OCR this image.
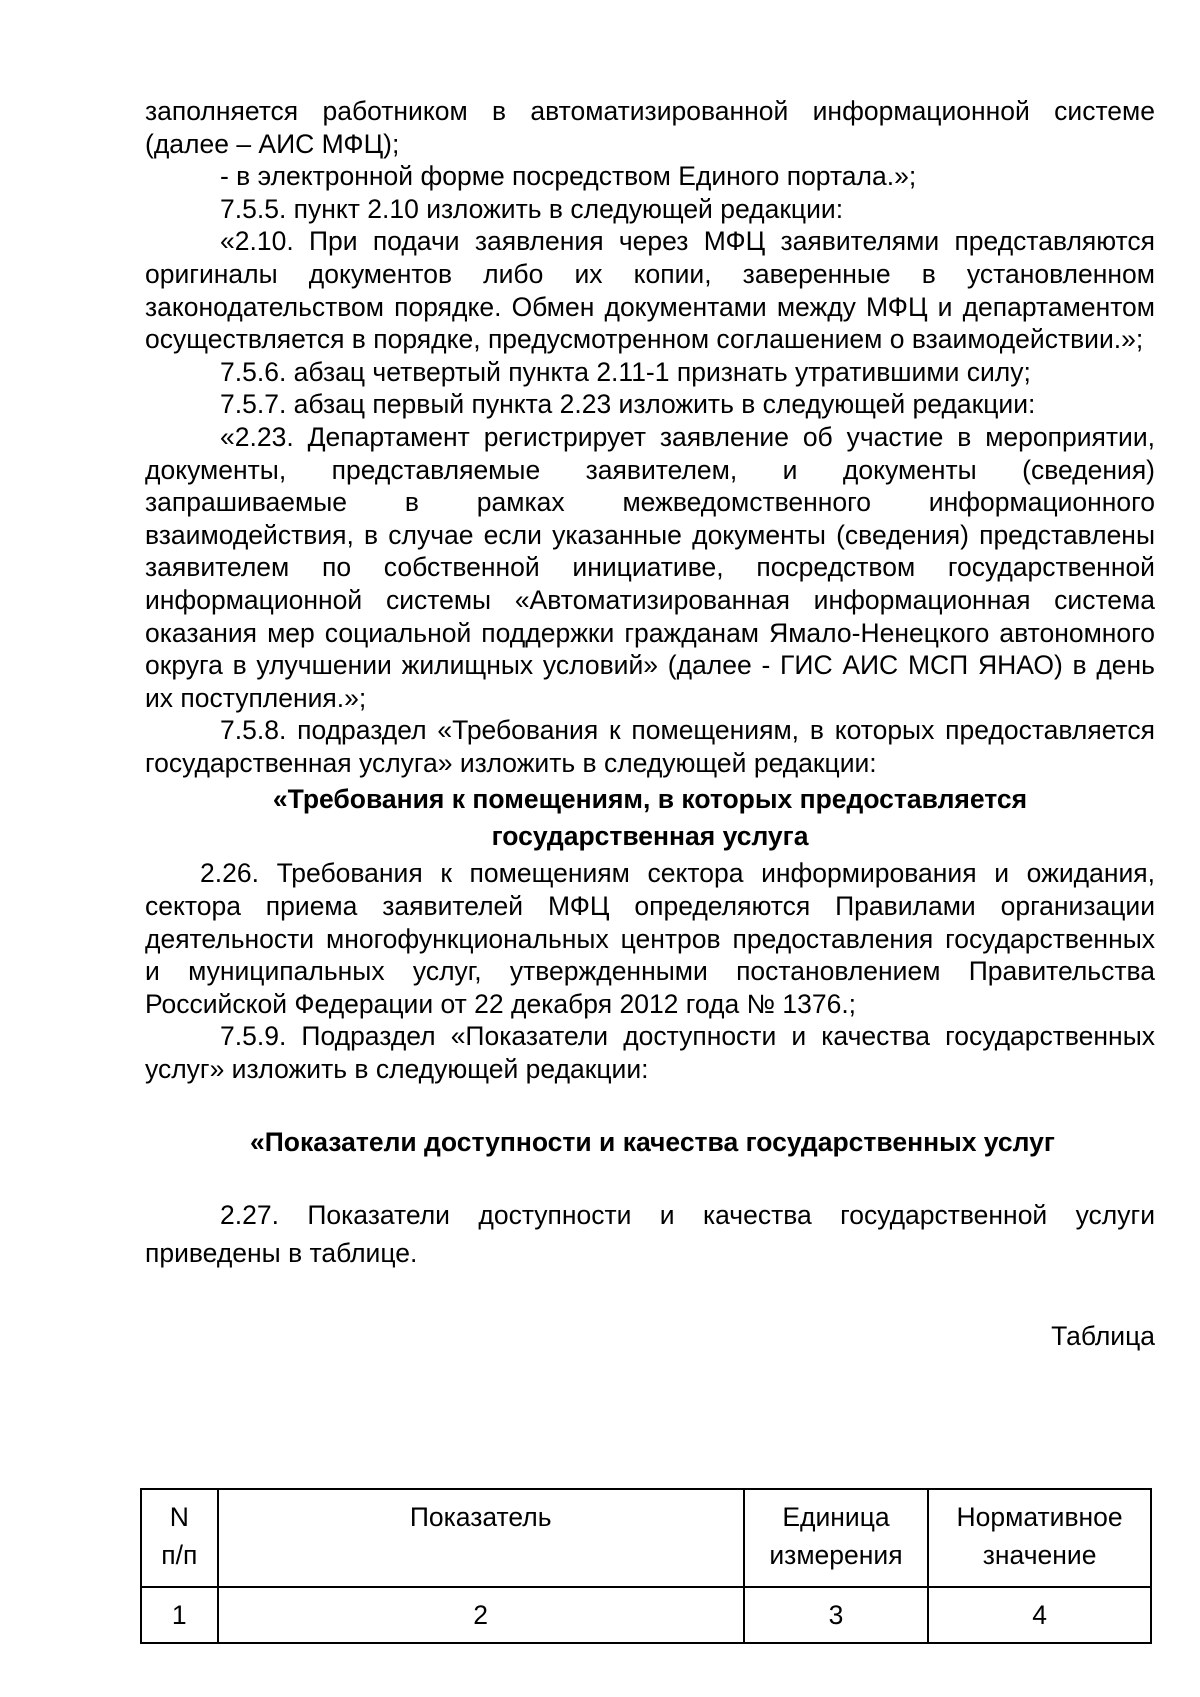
заполняется работником в автоматизированной информационной системе (далее – АИС МФЦ);

- в электронной форме посредством Единого портала.»;

7.5.5. пункт 2.10 изложить в следующей редакции:

«2.10. При подачи заявления через МФЦ заявителями представляются оригиналы документов либо их копии, заверенные в установленном законодательством порядке. Обмен документами между МФЦ и департаментом осуществляется в порядке, предусмотренном соглашением о взаимодействии.»;

7.5.6. абзац четвертый пункта 2.11-1 признать утратившими силу;

7.5.7. абзац первый пункта 2.23 изложить в следующей редакции:

«2.23. Департамент регистрирует заявление об участие в мероприятии, документы, представляемые заявителем, и документы (сведения) запрашиваемые в рамках межведомственного информационного взаимодействия, в случае если указанные документы (сведения) представлены заявителем по собственной инициативе, посредством государственной информационной системы «Автоматизированная информационная система оказания мер социальной поддержки гражданам Ямало-Ненецкого автономного округа в улучшении жилищных условий» (далее - ГИС АИС МСП ЯНАО) в день их поступления.»;

7.5.8. подраздел «Требования к помещениям, в которых предоставляется государственная услуга» изложить в следующей редакции:

«Требования к помещениям, в которых предоставляется государственная услуга

2.26. Требования к помещениям сектора информирования и ожидания, сектора приема заявителей МФЦ определяются Правилами организации деятельности многофункциональных центров предоставления государственных и муниципальных услуг, утвержденными постановлением Правительства Российской Федерации от 22 декабря 2012 года № 1376.;

7.5.9. Подраздел «Показатели доступности и качества государственных услуг» изложить в следующей редакции:

«Показатели доступности и качества государственных услуг

2.27. Показатели доступности и качества государственной услуги приведены в таблице.

Таблица

N п/п	Показатель	Единица измерения	Нормативное значение
1	2	3	4
